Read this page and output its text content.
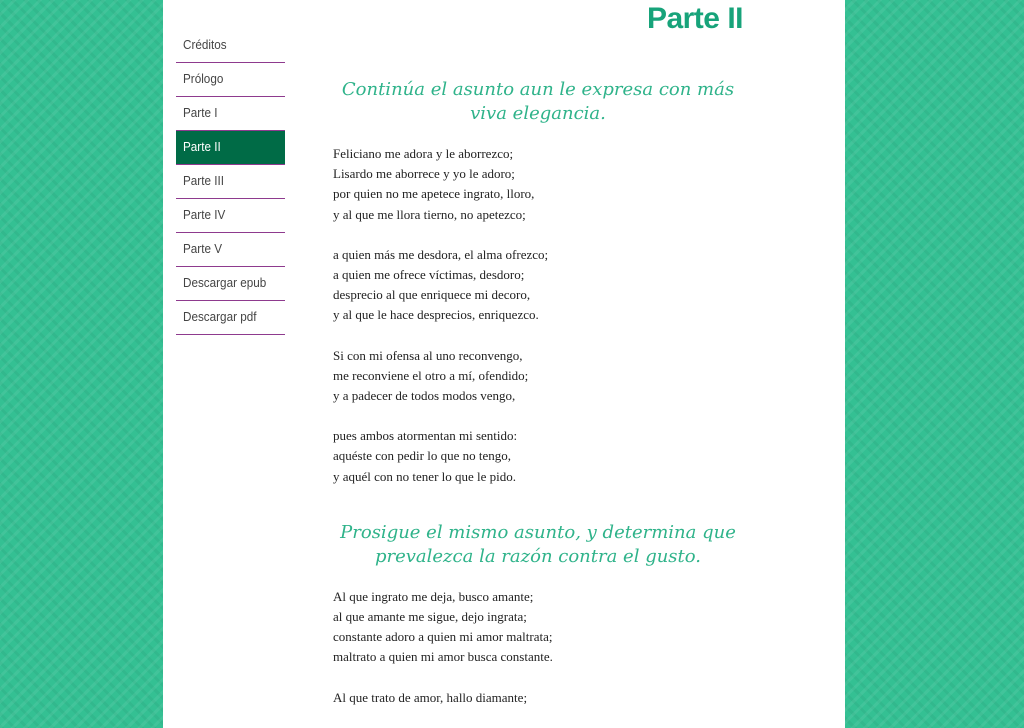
Créditos
Prólogo
Parte I
Parte II
Parte III
Parte IV
Parte V
Descargar epub
Descargar pdf
Parte II
Continúa el asunto aun le expresa con más viva elegancia.
Feliciano me adora y le aborrezco;
Lisardo me aborrece y yo le adoro;
por quien no me apetece ingrato, lloro,
y al que me llora tierno, no apetezco;
a quien más me desdora, el alma ofrezco;
a quien me ofrece víctimas, desdoro;
desprecio al que enriquece mi decoro,
y al que le hace desprecios, enriquezco.
Si con mi ofensa al uno reconvengo,
me reconviene el otro a mí, ofendido;
y a padecer de todos modos vengo,
pues ambos atormentan mi sentido:
aquéste con pedir lo que no tengo,
y aquél con no tener lo que le pido.
Prosigue el mismo asunto, y determina que prevalezca la razón contra el gusto.
Al que ingrato me deja, busco amante;
al que amante me sigue, dejo ingrata;
constante adoro a quien mi amor maltrata;
maltrato a quien mi amor busca constante.
Al que trato de amor, hallo diamante;
